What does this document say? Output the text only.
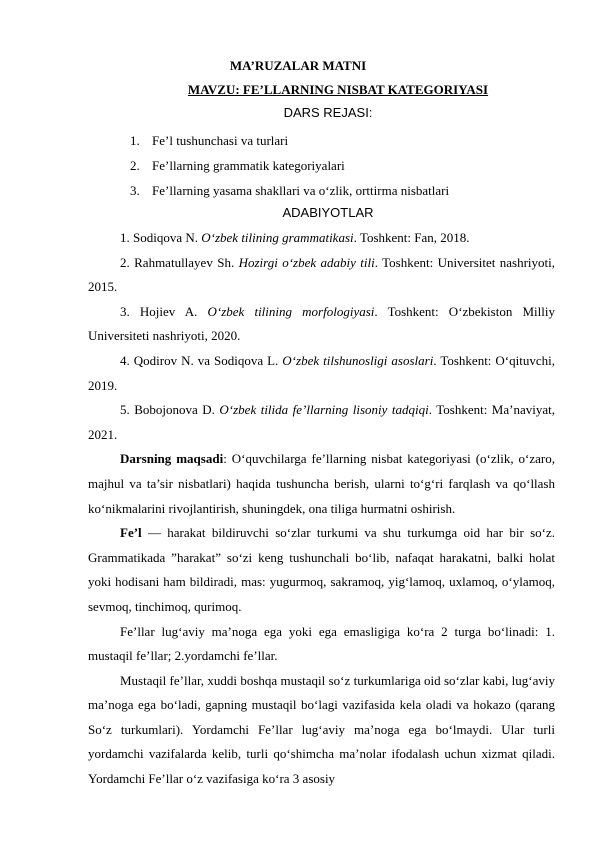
MA’RUZALAR MATNI
MAVZU: FE’LLARNING NISBAT KATEGORIYASI
DARS REJASI:
1. Fe’l tushunchasi va turlari
2. Fe’llarning grammatik kategoriyalari
3. Fe’llarning yasama shakllari va o‘zlik, orttirma nisbatlari
ADABIYOTLAR

1. Sodiqova N. O‘zbek tilining grammatikasi. Toshkent: Fan, 2018.

2. Rahmatullayev Sh. Hozirgi o‘zbek adabiy tili. Toshkent: Universitet nashriyoti, 2015.

3. Hojiev A. O‘zbek tilining morfologiyasi. Toshkent: O‘zbekiston Milliy Universiteti nashriyoti, 2020.

4. Qodirov N. va Sodiqova L. O‘zbek tilshunosligi asoslari. Toshkent: O‘qituvchi, 2019.

5. Bobojonova D. O‘zbek tilida fe’llarning lisoniy tadqiqi. Toshkent: Ma’naviyat, 2021.

Darsning maqsadi: O‘quvchilarga fe’llarning nisbat kategoriyasi (o‘zlik, o‘zaro, majhul va ta’sir nisbatlari) haqida tushuncha berish, ularni to‘g‘ri farqlash va qo‘llash ko‘nikmalarini rivojlantirish, shuningdek, ona tiliga hurmatni oshirish.

Fe’l — harakat bildiruvchi so‘zlar turkumi va shu turkumga oid har bir so‘z. Grammatikada ”harakat” so‘zi keng tushunchali bo‘lib, nafaqat harakatni, balki holat yoki hodisani ham bildiradi, mas: yugurmoq, sakramoq, yig‘lamoq, uxlamoq, o‘ylamoq, sevmoq, tinchimoq, qurimoq.

Fe’llar lug‘aviy ma’noga ega yoki ega emasligiga ko‘ra 2 turga bo‘linadi: 1. mustaqil fe’llar; 2.yordamchi fe’llar.

Mustaqil fe’llar, xuddi boshqa mustaqil so‘z turkumlariga oid so‘zlar kabi, lug‘aviy ma’noga ega bo‘ladi, gapning mustaqil bo‘lagi vazifasida kela oladi va hokazo (qarang So‘z turkumlari). Yordamchi Fe’llar lug‘aviy ma’noga ega bo‘lmaydi. Ular turli yordamchi vazifalarda kelib, turli qo‘shimcha ma’nolar ifodalash uchun xizmat qiladi. Yordamchi Fe’llar o‘z vazifasiga ko‘ra 3 asosiy
